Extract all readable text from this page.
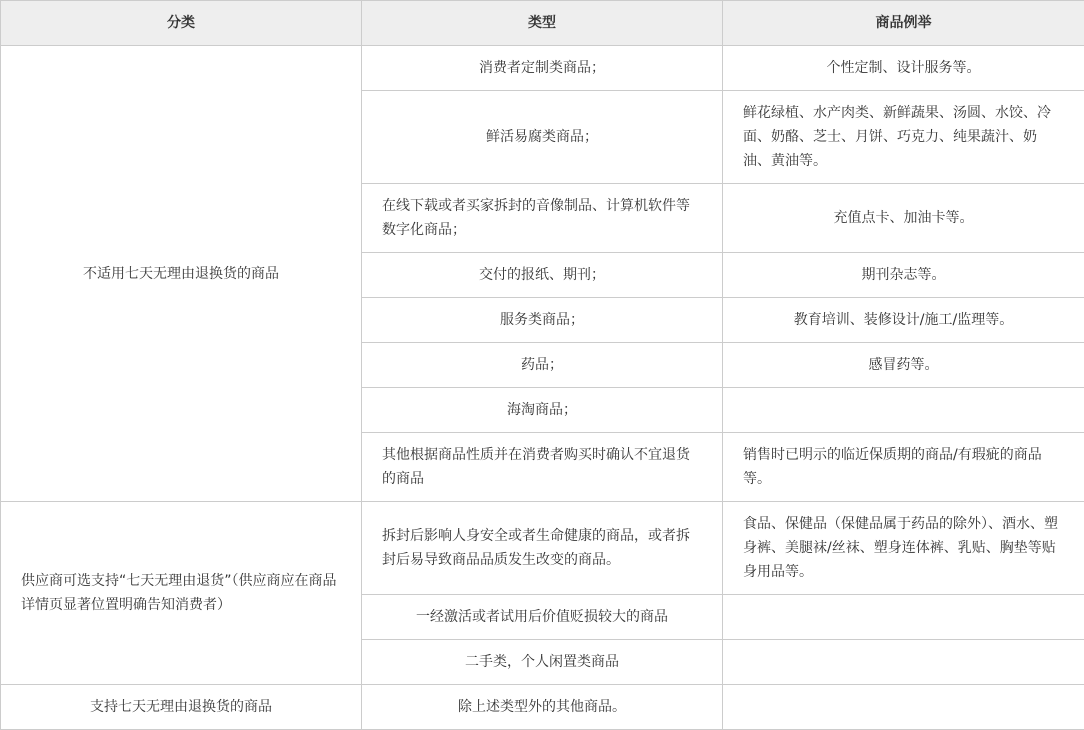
分类	类型	商品例举
不适用七天无理由退换货的商品	消费者定制类商品；	个性定制、设计服务等。
	鲜活易腐类商品；	鲜花绿植、水产肉类、新鲜蔬果、汤圆、水饺、冷面、奶酪、芝士、月饼、巧克力、纯果蔬汁、奶油、黄油等。
	在线下载或者买家拆封的音像制品、计算机软件等数字化商品；	充值点卡、加油卡等。
	交付的报纸、期刊；	期刊杂志等。
	服务类商品；	教育培训、装修设计/施工/监理等。
	药品；	感冒药等。
	海淘商品；	
	其他根据商品性质并在消费者购买时确认不宜退货的商品	销售时已明示的临近保质期的商品/有瑕疵的商品等。
供应商可选支持“七天无理由退货”（供应商应在商品详情页显著位置明确告知消费者）	拆封后影响人身安全或者生命健康的商品，或者拆封后易导致商品品质发生改变的商品。	食品、保健品（保健品属于药品的除外）、酒水、塑身裤、美腿袜/丝袜、塑身连体裤、乳贴、胸垫等贴身用品等。
	一经激活或者试用后价值贬损较大的商品	
	二手类，个人闲置类商品	
支持七天无理由退换货的商品	除上述类型外的其他商品。	
